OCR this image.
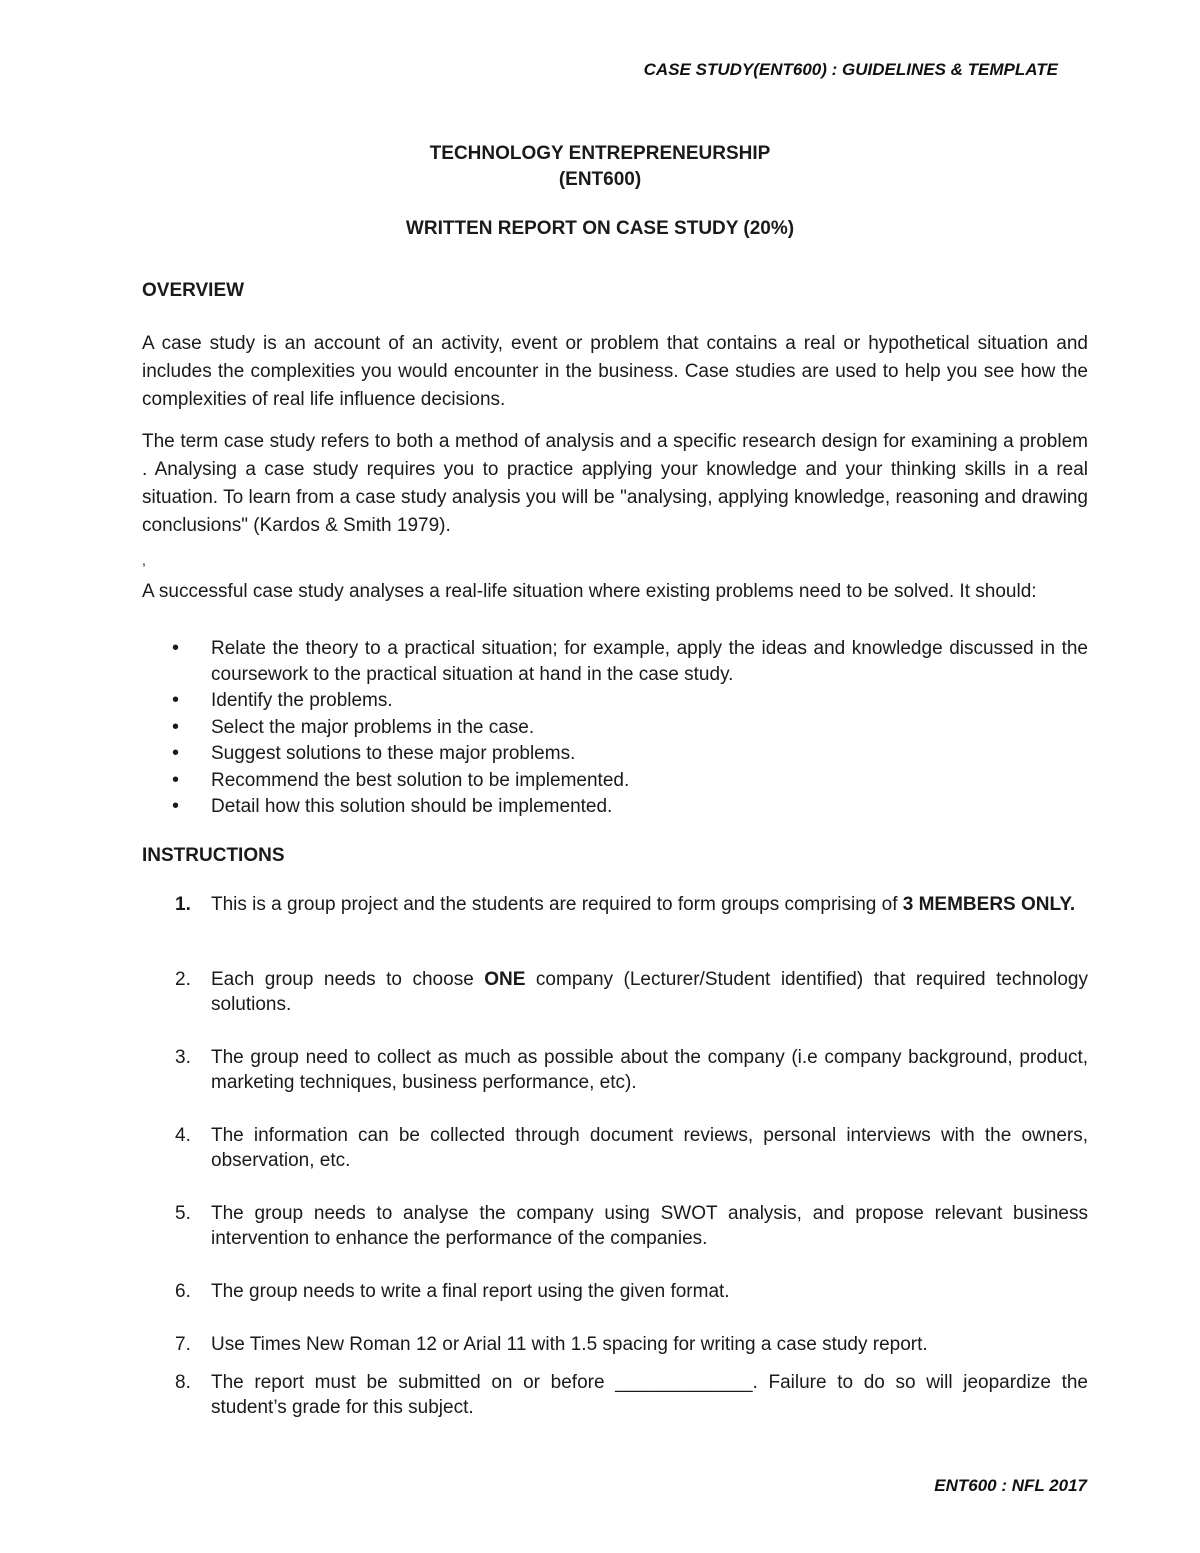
CASE STUDY(ENT600) : GUIDELINES & TEMPLATE
TECHNOLOGY ENTREPRENEURSHIP
(ENT600)
WRITTEN REPORT ON CASE STUDY (20%)
OVERVIEW

A case study is an account of an activity, event or problem that contains a real or hypothetical situation and includes the complexities you would encounter in the business. Case studies are used to help you see how the complexities of real life influence decisions.

The term case study refers to both a method of analysis and a specific research design for examining a problem . Analysing a case study requires you to practice applying your knowledge and your thinking skills in a real situation. To learn from a case study analysis you will be "analysing, applying knowledge, reasoning and drawing conclusions" (Kardos & Smith 1979).

,

A successful case study analyses a real-life situation where existing problems need to be solved. It should:

• Relate the theory to a practical situation; for example, apply the ideas and knowledge discussed in the coursework to the practical situation at hand in the case study.
• Identify the problems.
• Select the major problems in the case.
• Suggest solutions to these major problems.
• Recommend the best solution to be implemented.
• Detail how this solution should be implemented.
INSTRUCTIONS
1. This is a group project and the students are required to form groups comprising of 3 MEMBERS ONLY.
2. Each group needs to choose ONE company (Lecturer/Student identified) that required technology solutions.
3. The group need to collect as much as possible about the company (i.e company background, product, marketing techniques, business performance, etc).
4. The information can be collected through document reviews, personal interviews with the owners, observation, etc.
5. The group needs to analyse the company using SWOT analysis, and propose relevant business intervention to enhance the performance of the companies.
6. The group needs to write a final report using the given format.
7. Use Times New Roman 12 or Arial 11 with 1.5 spacing for writing a case study report.
8. The report must be submitted on or before _____________. Failure to do so will jeopardize the student’s grade for this subject.
ENT600 : NFL 2017
